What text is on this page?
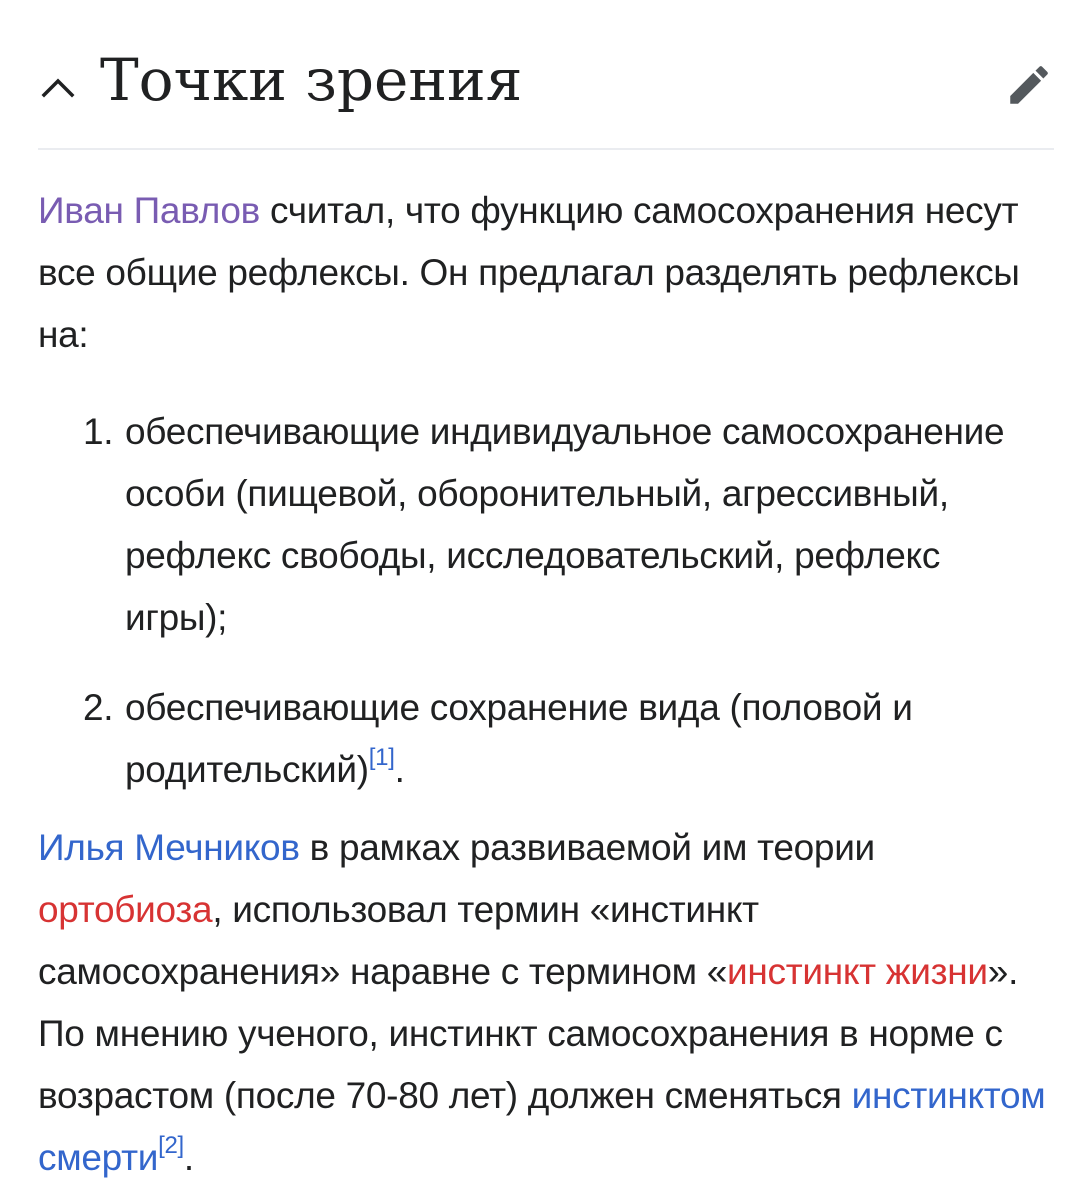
Точки зрения

Иван Павлов считал, что функцию самосохранения несут все общие рефлексы. Он предлагал разделять рефлексы на:

1. обеспечивающие индивидуальное самосохранение особи (пищевой, оборонительный, агрессивный, рефлекс свободы, исследовательский, рефлекс игры);
2. обеспечивающие сохранение вида (половой и родительский)[1].

Илья Мечников в рамках развиваемой им теории ортобиоза, использовал термин «инстинкт самосохранения» наравне с термином «инстинкт жизни». По мнению ученого, инстинкт самосохранения в норме с возрастом (после 70-80 лет) должен сменяться инстинктом смерти[2].
